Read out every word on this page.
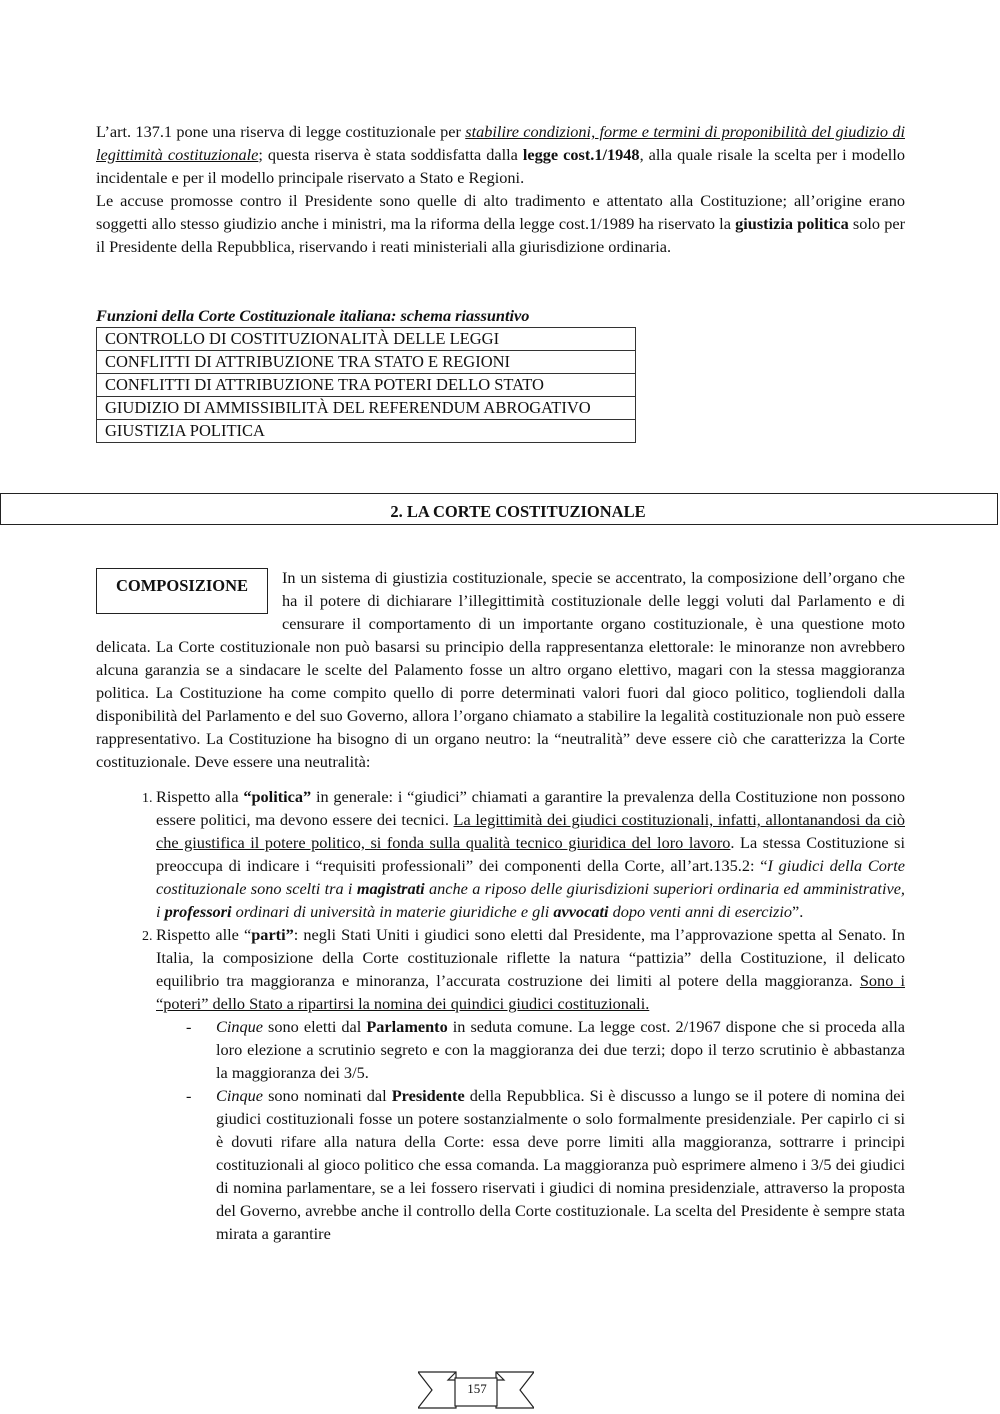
L’art. 137.1 pone una riserva di legge costituzionale per stabilire condizioni, forme e termini di proponibilità del giudizio di legittimità costituzionale; questa riserva è stata soddisfatta dalla legge cost.1/1948, alla quale risale la scelta per i modello incidentale e per il modello principale riservato a Stato e Regioni.

Le accuse promosse contro il Presidente sono quelle di alto tradimento e attentato alla Costituzione; all’origine erano soggetti allo stesso giudizio anche i ministri, ma la riforma della legge cost.1/1989 ha riservato la giustizia politica solo per il Presidente della Repubblica, riservando i reati ministeriali alla giurisdizione ordinaria.

Funzioni della Corte Costituzionale italiana: schema riassuntivo

CONTROLLO DI COSTITUZIONALITÀ DELLE LEGGI
CONFLITTI DI ATTRIBUZIONE TRA STATO E REGIONI
CONFLITTI DI ATTRIBUZIONE TRA POTERI DELLO STATO
GIUDIZIO DI AMMISSIBILITÀ DEL REFERENDUM ABROGATIVO
GIUSTIZIA POLITICA
2. LA CORTE COSTITUZIONALE
COMPOSIZIONE	In un sistema di giustizia costituzionale, specie se accentrato, la composizione dell’organo che ha il potere di dichiarare l’illegittimità costituzionale delle leggi voluti dal Parlamento e di censurare il comportamento di un importante organo costituzionale, è una questione moto delicata. La Corte costituzionale non può basarsi su principio della rappresentanza elettorale: le minoranze non avrebbero alcuna garanzia se a sindacare le scelte del Palamento fosse un altro organo elettivo, magari con la stessa maggioranza politica. La Costituzione ha come compito quello di porre determinati valori fuori dal gioco politico, togliendoli dalla disponibilità del Parlamento e del suo Governo, allora l’organo chiamato a stabilire la legalità costituzionale non può essere rappresentativo. La Costituzione ha bisogno di un organo neutro: la “neutralità” deve essere ciò che caratterizza la Corte costituzionale. Deve essere una neutralità:

1. Rispetto alla “politica” in generale: i “giudici” chiamati a garantire la prevalenza della Costituzione non possono essere politici, ma devono essere dei tecnici. La legittimità dei giudici costituzionali, infatti, allontanandosi da ciò che giustifica il potere politico, si fonda sulla qualità tecnico giuridica del loro lavoro. La stessa Costituzione si preoccupa di indicare i “requisiti professionali” dei componenti della Corte, all’art.135.2: “I giudici della Corte costituzionale sono scelti tra i magistrati anche a riposo delle giurisdizioni superiori ordinaria ed amministrative, i professori ordinari di università in materie giuridiche e gli avvocati dopo venti anni di esercizio”.
2. Rispetto alle “parti”: negli Stati Uniti i giudici sono eletti dal Presidente, ma l’approvazione spetta al Senato. In Italia, la composizione della Corte costituzionale riflette la natura “pattizia” della Costituzione, il delicato equilibrio tra maggioranza e minoranza, l’accurata costruzione dei limiti al potere della maggioranza. Sono i “poteri” dello Stato a ripartirsi la nomina dei quindici giudici costituzionali.
- Cinque sono eletti dal Parlamento in seduta comune. La legge cost. 2/1967 dispone che si proceda alla loro elezione a scrutinio segreto e con la maggioranza dei due terzi; dopo il terzo scrutinio è abbastanza la maggioranza dei 3/5.
- Cinque sono nominati dal Presidente della Repubblica. Si è discusso a lungo se il potere di nomina dei giudici costituzionali fosse un potere sostanzialmente o solo formalmente presidenziale. Per capirlo ci si è dovuti rifare alla natura della Corte: essa deve porre limiti alla maggioranza, sottrarre i principi costituzionali al gioco politico che essa comanda. La maggioranza può esprimere almeno i 3/5 dei giudici di nomina parlamentare, se a lei fossero riservati i giudici di nomina presidenziale, attraverso la proposta del Governo, avrebbe anche il controllo della Corte costituzionale. La scelta del Presidente è sempre stata mirata a garantire
157
